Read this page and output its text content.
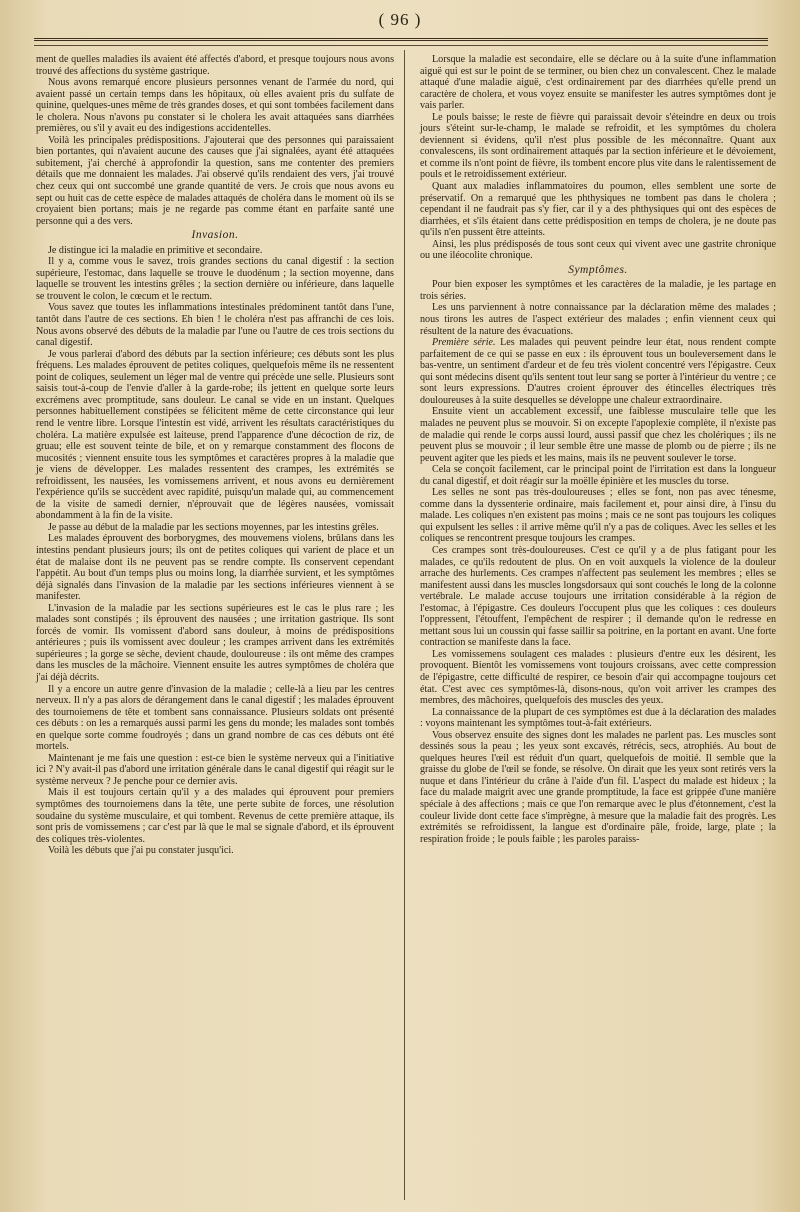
( 96 )

ment de quelles maladies ils avaient été affectés d'abord, et presque toujours nous avons trouvé des affections du système gastrique.

Nous avons remarqué encore plusieurs personnes venant de l'armée du nord, qui avaient passé un certain temps dans les hôpitaux, où elles avaient pris du sulfate de quinine, quelques-unes même de très grandes doses, et qui sont tombées facilement dans le cholera. Nous n'avons pu constater si le cholera les avait attaquées sans diarrhées premières, ou s'il y avait eu des indigestions accidentelles.

Voilà les principales prédispositions. J'ajouterai que des personnes qui paraissaient bien portantes, qui n'avaient aucune des causes que j'ai signalées, ayant été attaquées subitement, j'ai cherché à approfondir la question, sans me contenter des premiers détails que me donnaient les malades. J'ai observé qu'ils rendaient des vers, j'ai trouvé chez ceux qui ont succombé une grande quantité de vers. Je crois que nous avons eu sept ou huit cas de cette espèce de malades attaqués de choléra dans le moment où ils se croyaient bien portans; mais je ne regarde pas comme étant en parfaite santé une personne qui a des vers.

Invasion.

Je distingue ici la maladie en primitive et secondaire.

Il y a, comme vous le savez, trois grandes sections du canal digestif : la section supérieure, l'estomac, dans laquelle se trouve le duodénum ; la section moyenne, dans laquelle se trouvent les intestins grêles ; la section dernière ou inférieure, dans laquelle se trouvent le colon, le cœcum et le rectum.

Vous savez que toutes les inflammations intestinales prédominent tantôt dans l'une, tantôt dans l'autre de ces sections. Eh bien ! le choléra n'est pas affranchi de ces lois. Nous avons observé des débuts de la maladie par l'une ou l'autre de ces trois sections du canal digestif.

Je vous parlerai d'abord des débuts par la section inférieure; ces débuts sont les plus fréquens. Les malades éprouvent de petites coliques, quelquefois même ils ne ressentent point de coliques, seulement un léger mal de ventre qui précède une selle. Plusieurs sont saisis tout-à-coup de l'envie d'aller à la garde-robe; ils jettent en quelque sorte leurs excrémens avec promptitude, sans douleur. Le canal se vide en un instant. Quelques personnes habituellement constipées se félicitent même de cette circonstance qui leur rend le ventre libre. Lorsque l'intestin est vidé, arrivent les résultats caractéristiques du choléra. La matière expulsée est laiteuse, prend l'apparence d'une décoction de riz, de gruau; elle est souvent teinte de bile, et on y remarque constamment des flocons de mucosités ; viennent ensuite tous les symptômes et caractères propres à la maladie que je viens de développer. Les malades ressentent des crampes, les extrémités se refroidissent, les nausées, les vomissemens arrivent, et nous avons eu dernièrement l'expérience qu'ils se succèdent avec rapidité, puisqu'un malade qui, au commencement de la visite de samedi dernier, n'éprouvait que de légères nausées, vomissait abondamment à la fin de la visite.

Je passe au début de la maladie par les sections moyennes, par les intestins grêles.

Les malades éprouvent des borborygmes, des mouvemens violens, brûlans dans les intestins pendant plusieurs jours; ils ont de petites coliques qui varient de place et un état de malaise dont ils ne peuvent pas se rendre compte. Ils conservent cependant l'appétit. Au bout d'un temps plus ou moins long, la diarrhée survient, et les symptômes déjà signalés dans l'invasion de la maladie par les sections inférieures viennent à se manifester.

L'invasion de la maladie par les sections supérieures est le cas le plus rare ; les malades sont constipés ; ils éprouvent des nausées ; une irritation gastrique. Ils sont forcés de vomir. Ils vomissent d'abord sans douleur, à moins de prédispositions antérieures ; puis ils vomissent avec douleur ; les crampes arrivent dans les extrémités supérieures ; la gorge se sèche, devient chaude, douloureuse : ils ont même des crampes dans les muscles de la mâchoire. Viennent ensuite les autres symptômes de choléra que j'ai déjà décrits.

Il y a encore un autre genre d'invasion de la maladie ; celle-là a lieu par les centres nerveux. Il n'y a pas alors de dérangement dans le canal digestif ; les malades éprouvent des tournoiemens de tête et tombent sans connaissance. Plusieurs soldats ont présenté ces débuts : on les a remarqués aussi parmi les gens du monde; les malades sont tombés en quelque sorte comme foudroyés ; dans un grand nombre de cas ces débuts ont été mortels.

Maintenant je me fais une question : est-ce bien le système nerveux qui a l'initiative ici ? N'y avait-il pas d'abord une irritation générale dans le canal digestif qui réagit sur le système nerveux ? Je penche pour ce dernier avis.

Mais il est toujours certain qu'il y a des malades qui éprouvent pour premiers symptômes des tournoiemens dans la tête, une perte subite de forces, une résolution soudaine du système musculaire, et qui tombent. Revenus de cette première attaque, ils sont pris de vomissemens ; car c'est par là que le mal se signale d'abord, et ils éprouvent des coliques très-violentes.

Voilà les débuts que j'ai pu constater jusqu'ici.

Lorsque la maladie est secondaire, elle se déclare ou à la suite d'une inflammation aiguë qui est sur le point de se terminer, ou bien chez un convalescent. Chez le malade attaqué d'une maladie aiguë, c'est ordinairement par des diarrhées qu'elle prend un caractère de cholera, et vous voyez ensuite se manifester les autres symptômes dont je vais parler.

Le pouls baisse; le reste de fièvre qui paraissait devoir s'éteindre en deux ou trois jours s'éteint sur-le-champ, le malade se refroidit, et les symptômes du cholera deviennent si évidens, qu'il n'est plus possible de les méconnaître. Quant aux convalescens, ils sont ordinairement attaqués par la section inférieure et le dévoiement, et comme ils n'ont point de fièvre, ils tombent encore plus vite dans le ralentissement de pouls et le retroidissement extérieur.

Quant aux maladies inflammatoires du poumon, elles semblent une sorte de préservatif. On a remarqué que les phthysiques ne tombent pas dans le cholera ; cependant il ne faudrait pas s'y fier, car il y a des phthysiques qui ont des espèces de diarrhées, et s'ils étaient dans cette prédisposition en temps de cholera, je ne doute pas qu'ils n'en pussent être atteints.

Ainsi, les plus prédisposés de tous sont ceux qui vivent avec une gastrite chronique ou une iléocolite chronique.

Symptômes.

Pour bien exposer les symptômes et les caractères de la maladie, je les partage en trois séries.

Les uns parviennent à notre connaissance par la déclaration même des malades ; nous tirons les autres de l'aspect extérieur des malades ; enfin viennent ceux qui résultent de la nature des évacuations.

Première série. Les malades qui peuvent peindre leur état, nous rendent compte parfaitement de ce qui se passe en eux : ils éprouvent tous un bouleversement dans le bas-ventre, un sentiment d'ardeur et de feu très violent concentré vers l'épigastre. Ceux qui sont médecins disent qu'ils sentent tout leur sang se porter à l'intérieur du ventre ; ce sont leurs expressions. D'autres croient éprouver des étincelles électriques très douloureuses à la suite desquelles se développe une chaleur extraordinaire.

Ensuite vient un accablement excessif, une faiblesse musculaire telle que les malades ne peuvent plus se mouvoir. Si on excepte l'apoplexie complète, il n'existe pas de maladie qui rende le corps aussi lourd, aussi passif que chez les cholériques ; ils ne peuvent plus se mouvoir ; il leur semble être une masse de plomb ou de pierre ; ils ne peuvent agiter que les pieds et les mains, mais ils ne peuvent soulever le torse.

Cela se conçoit facilement, car le principal point de l'irritation est dans la longueur du canal digestif, et doit réagir sur la moëlle épinière et les muscles du torse.

Les selles ne sont pas très-douloureuses ; elles se font, non pas avec ténesme, comme dans la dyssenterie ordinaire, mais facilement et, pour ainsi dire, à l'insu du malade. Les coliques n'en existent pas moins ; mais ce ne sont pas toujours les coliques qui expulsent les selles : il arrive même qu'il n'y a pas de coliques. Avec les selles et les coliques se rencontrent presque toujours les crampes.

Ces crampes sont très-douloureuses. C'est ce qu'il y a de plus fatigant pour les malades, ce qu'ils redoutent de plus. On en voit auxquels la violence de la douleur arrache des hurlements. Ces crampes n'affectent pas seulement les membres ; elles se manifestent aussi dans les muscles longsdorsaux qui sont couchés le long de la colonne vertébrale. Le malade accuse toujours une irritation considérable à la région de l'estomac, à l'épigastre. Ces douleurs l'occupent plus que les coliques : ces douleurs l'oppressent, l'étouffent, l'empêchent de respirer ; il demande qu'on le redresse en mettant sous lui un coussin qui fasse saillir sa poitrine, en la portant en avant. Une forte contraction se manifeste dans la face.

Les vomissemens soulagent ces malades : plusieurs d'entre eux les désirent, les provoquent. Bientôt les vomissemens vont toujours croissans, avec cette compression de l'épigastre, cette difficulté de respirer, ce besoin d'air qui accompagne toujours cet état. C'est avec ces symptômes-là, disons-nous, qu'on voit arriver les crampes des membres, des mâchoires, quelquefois des muscles des yeux.

La connaissance de la plupart de ces symptômes est due à la déclaration des malades : voyons maintenant les symptômes tout-à-fait extérieurs.

Vous observez ensuite des signes dont les malades ne parlent pas. Les muscles sont dessinés sous la peau ; les yeux sont excavés, rétrécis, secs, atrophiés. Au bout de quelques heures l'œil est réduit d'un quart, quelquefois de moitié. Il semble que la graisse du globe de l'œil se fonde, se résolve. On dirait que les yeux sont retirés vers la nuque et dans l'intérieur du crâne à l'aide d'un fil. L'aspect du malade est hideux ; la face du malade maigrit avec une grande promptitude, la face est grippée d'une manière spéciale à des affections ; mais ce que l'on remarque avec le plus d'étonnement, c'est la couleur livide dont cette face s'imprègne, à mesure que la maladie fait des progrès. Les extrémités se refroidissent, la langue est d'ordinaire pâle, froide, large, plate ; la respiration froide ; le pouls faible ; les paroles paraiss-
